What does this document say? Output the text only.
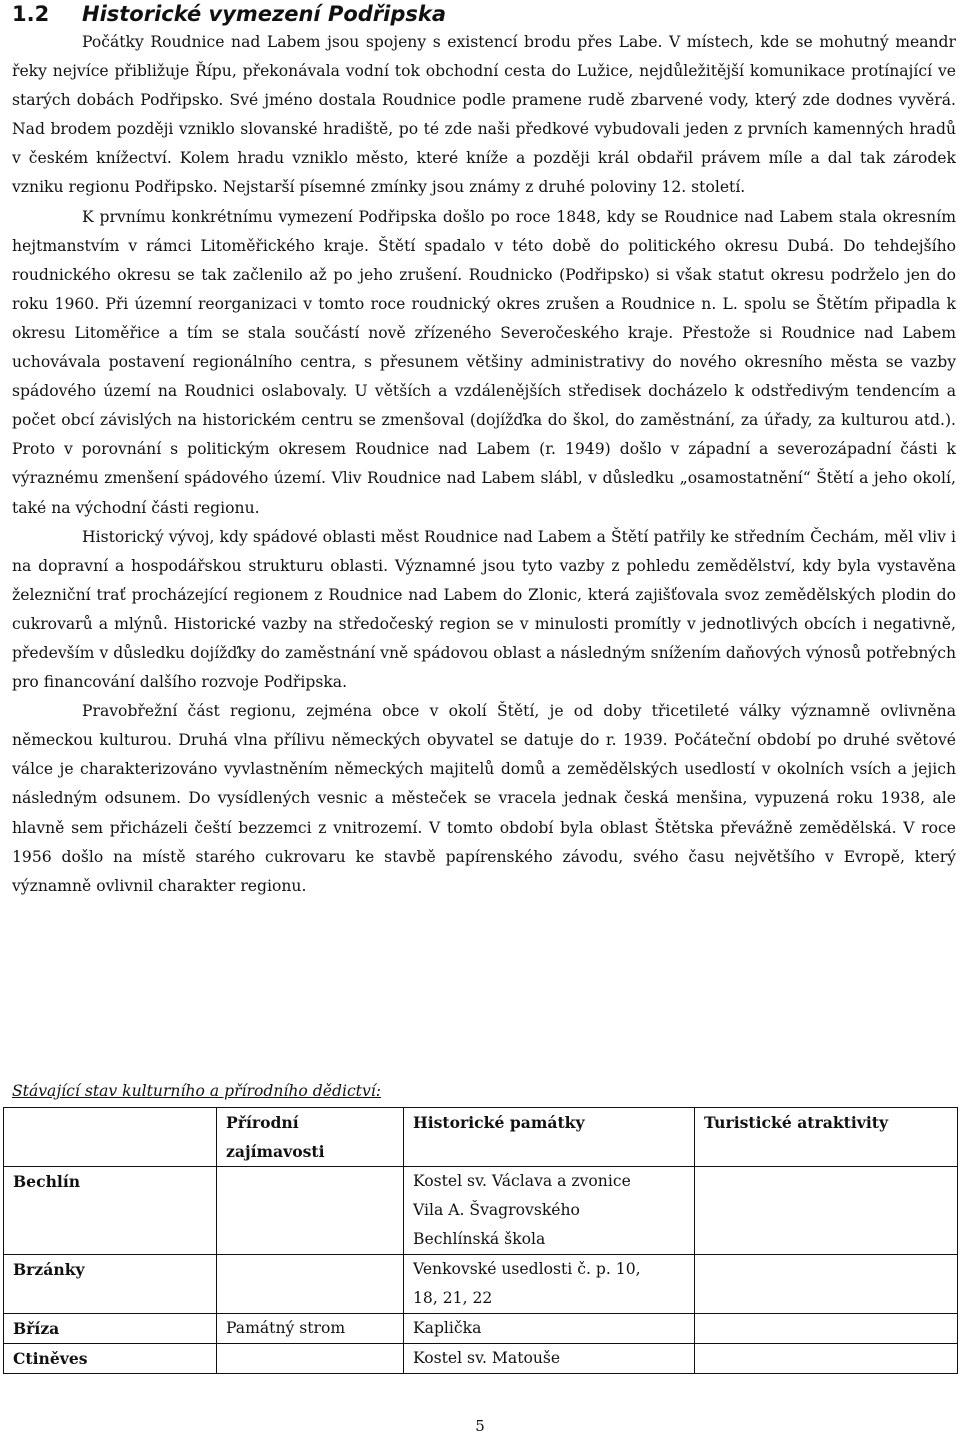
1.2 Historické vymezení Podřipska

Počátky Roudnice nad Labem jsou spojeny s existencí brodu přes Labe. V místech, kde se mohutný meandr řeky nejvíce přibližuje Řípu, překonávala vodní tok obchodní cesta do Lužice, nejdůležitější komunikace protínající ve starých dobách Podřipsko. Své jméno dostala Roudnice podle pramene rudě zbarvené vody, který zde dodnes vyvěrá. Nad brodem později vzniklo slovanské hradiště, po té zde naši předkové vybudovali jeden z prvních kamenných hradů v českém knížectví. Kolem hradu vzniklo město, které kníže a později král obdařil právem míle a dal tak zárodek vzniku regionu Podřipsko. Nejstarší písemné zmínky jsou známy z druhé poloviny 12. století.

K prvnímu konkrétnímu vymezení Podřipska došlo po roce 1848, kdy se Roudnice nad Labem stala okresním hejtmanstvím v rámci Litoměřického kraje. Štětí spadalo v této době do politického okresu Dubá. Do tehdejšího roudnického okresu se tak začlenilo až po jeho zrušení. Roudnicko (Podřipsko) si však statut okresu podrželo jen do roku 1960. Při územní reorganizaci v tomto roce roudnický okres zrušen a Roudnice n. L. spolu se Štětím připadla k okresu Litoměřice a tím se stala součástí nově zřízeného Severočeského kraje. Přestože si Roudnice nad Labem uchovávala postavení regionálního centra, s přesunem většiny administrativy do nového okresního města se vazby spádového území na Roudnici oslabovaly. U větších a vzdálenějších středisek docházelo k odstředivým tendencím a počet obcí závislých na historickém centru se zmenšoval (dojížďka do škol, do zaměstnání, za úřady, za kulturou atd.). Proto v porovnání s politickým okresem Roudnice nad Labem (r. 1949) došlo v západní a severozápadní části k výraznému zmenšení spádového území. Vliv Roudnice nad Labem slábl, v důsledku „osamostatnění“ Štětí a jeho okolí, také na východní části regionu.

Historický vývoj, kdy spádové oblasti měst Roudnice nad Labem a Štětí patřily ke středním Čechám, měl vliv i na dopravní a hospodářskou strukturu oblasti. Významné jsou tyto vazby z pohledu zemědělství, kdy byla vystavěna železniční trať procházející regionem z Roudnice nad Labem do Zlonic, která zajišťovala svoz zemědělských plodin do cukrovarů a mlýnů. Historické vazby na středočeský region se v minulosti promítly v jednotlivých obcích i negativně, především v důsledku dojížďky do zaměstnání vně spádovou oblast a následným snížením daňových výnosů potřebných pro financování dalšího rozvoje Podřipska.

Pravobřežní část regionu, zejména obce v okolí Štětí, je od doby třicetileté války významně ovlivněna německou kulturou. Druhá vlna přílivu německých obyvatel se datuje do r. 1939. Počáteční období po druhé světové válce je charakterizováno vyvlastněním německých majitelů domů a zemědělských usedlostí v okolních vsích a jejich následným odsunem. Do vysídlených vesnic a městeček se vracela jednak česká menšina, vypuzená roku 1938, ale hlavně sem přicházeli čeští bezzemci z vnitrozemí. V tomto období byla oblast Štětska převážně zemědělská. V roce 1956 došlo na místě starého cukrovaru ke stavbě papírenského závodu, svého času největšího v Evropě, který významně ovlivnil charakter regionu.

Stávající stav kulturního a přírodního dědictví:

	Přírodní zajímavosti	Historické památky	Turistické atraktivity
Bechlín		Kostel sv. Václava a zvonice
Vila A. Švagrovského
Bechlínská škola	

Brzánky		Venkovské usedlosti č. p. 10,
18, 21, 22	

Bříza	Památný strom	Kaplička	

Ctiněves		Kostel sv. Matouše	

5
